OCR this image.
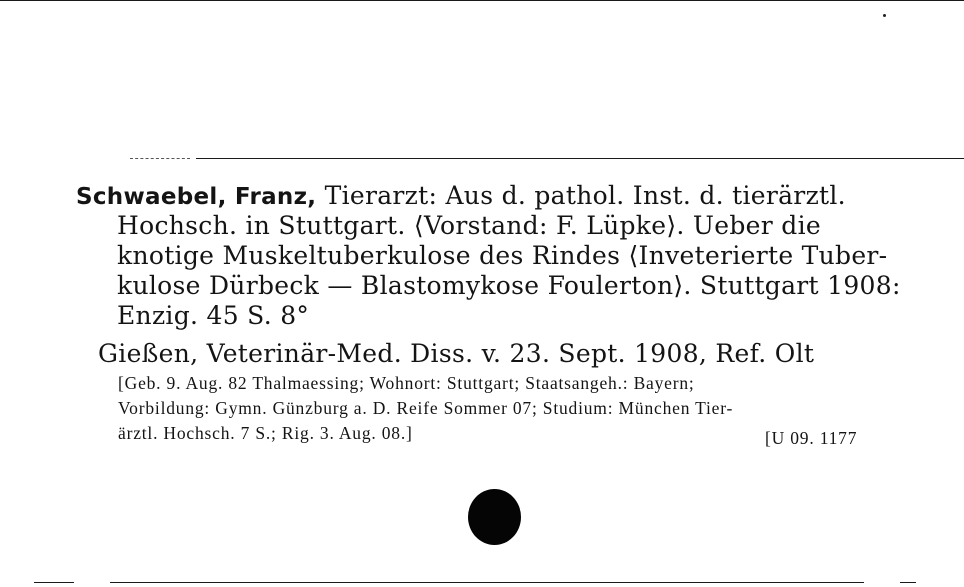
Schwaebel, Franz, Tierarzt: Aus d. pathol. Inst. d. tierärztl.
Hochsch. in Stuttgart. ⟨Vorstand: F. Lüpke⟩. Ueber die
knotige Muskeltuberkulose des Rindes ⟨Inveterierte Tuber-
kulose Dürbeck — Blastomykose Foulerton⟩. Stuttgart 1908:
Enzig. 45 S. 8°
Gießen, Veterinär-Med. Diss. v. 23. Sept. 1908, Ref. Olt
[Geb. 9. Aug. 82 Thalmaessing; Wohnort: Stuttgart; Staatsangeh.: Bayern;
Vorbildung: Gymn. Günzburg a. D. Reife Sommer 07; Studium: München Tier-
ärztl. Hochsch. 7 S.; Rig. 3. Aug. 08.]	[U 09. 1177
